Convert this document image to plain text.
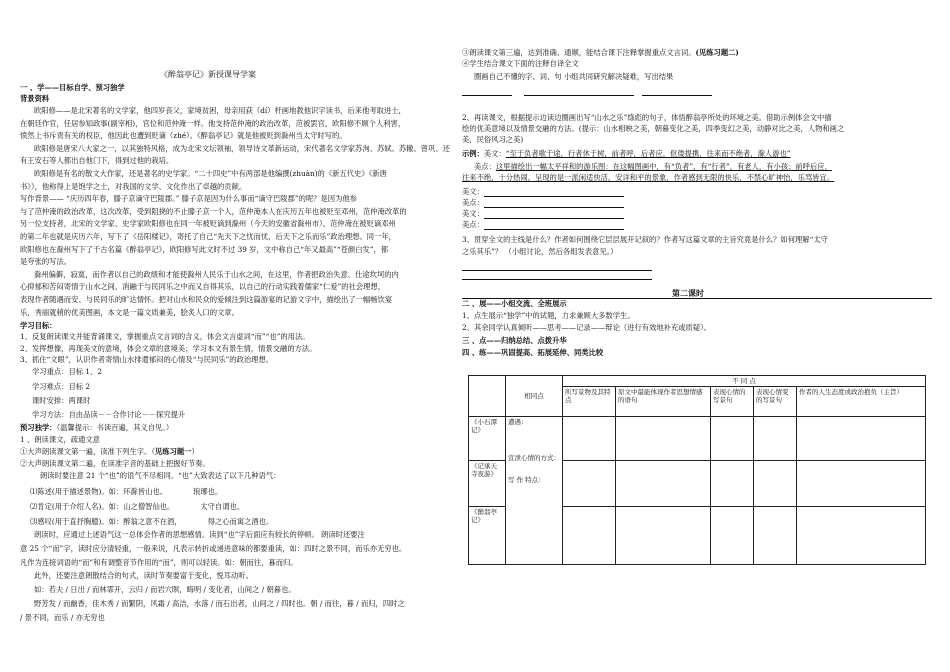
《醉翁亭记》新授课导学案
一 、学——目标自学、预习独学
背景资料
欧阳修——是北宋著名的文学家，他四岁丧父，家境贫困，母亲用荻（dí）杆画地教他识字读书，后来他考取进士，
在朝廷作官，任居参知政事(副宰相)，官位和范仲淹一样。他支持范仲淹的政治改革，范被罢官，欧阳修不顾个人利害，
愤然上书斥责有关的权臣，他因此也遭到贬谪（zhé）。《醉翁亭记》就是他被贬到滁州当太守时写的。
欧阳修是唐宋八大家之一，以其独特风格，成为北宋文坛领袖，领导诗文革新运动，宋代著名文学家苏洵、苏轼、苏辙、曾巩、还
有王安石等人都出自他门下，得到过他的栽培。
欧阳修是有名的散文大作家，还是著名的史学家。“二十四史”中有两部是他编撰(zhuàn)的《新五代史》《新唐
书》），他称得上是饱学之士，对我国的文学、文化作出了卓越的贡献。
写作背景—— “庆历四年春，滕子京谪守巴陵郡。” 滕子京是因为什么事而“谪守巴陵郡”的呢？是因为他参
与了范仲淹的政治改革，这次改革，受到阻挠的不止滕子京一个人，范仲淹本人在庆历五年也被贬至邓州，范仲淹改革的
另一位支持者，北宋的文学家、史学家欧阳修也在同一年被贬谪到滁州（今天的安徽省滁州市），范仲淹在被贬谪邓州
的第二年也就是庆历六年，写下了《岳阳楼记》，寄托了自己“先天下之忧而忧，后天下之乐而乐”政治理想。同一年，
欧阳修也在滁州写下了千古名篇《醉翁亭记》，欧阳修写此文时不过 39 岁，文中称自己“年又最高”“苍颜白发”，都
是夸张的写法。
滁州偏僻，寂寞，而作者以自己的政绩和才能使滁州人民乐于山水之间，在这里，作者把政治失意、仕途坎坷的内
心抑郁和苦闷寄情于山水之间，消融于与民同乐之中而又自得其乐，以自己的行动实践着儒家“仁爱”的社会理想，
表现作者随遇而安、与民同乐的旷达情怀。把对山水和民众的爱倾注到这篇游宴的记游文字中，描绘出了一幅畅饮宴
乐，秀丽就稍的优美图画，本文是一篇文质兼美，脍炙人口的文章。
学习目标：
1、反复朗读课文并能背诵课文，掌握重点文言词的含义，体会文言虚词“而”“也”的用法。
2、发挥想像，再现美文的意境，体会文章的意境美；学习本文有景生情，情景交融的方法。
3、抓住“文眼”，认识作者寄情山水排遣郁闷的心情及“与民同乐”的政治理想。
学习重点：目标 1、2
学习难点：目标 2
课时安排：两课时
学习方法：自由品读－－合作讨论－－探究提升
预习独学：（温馨提示：书读百遍，其义自见。）
1 、朗读课文，疏通文意
①大声朗读课文第一遍，读准下列生字。（见练习题一）
②大声朗读课文第二遍，在读准字音的基础上把握好节奏。
朗读时要注意 21 个“也”的语气不尽相同。“也”大致表达了以下几种语气：
⑴陈述(用于描述景物)。如：环滁皆山也。	琅琊也。
⑵肯定(用于介绍人名)。如：山之僧智仙也。	太守自谓也。
⑶感叹(用于直抒胸臆)。如：醉翁之意不在酒，	得之心而寓之酒也。
朗读时，应通过上述语气这一总体会作者的思想感情。读到“也”字后面应有较长的停顿。 朗读时还要注
意 25 个“而”字，读时应分清轻重，一般来说，凡表示转折或递进意味的都要重读，如：四时之景不同，而乐亦无穷也。
凡作为连接词语的“而”和有调整音节作用的“而”，则可以轻读。如：朝而往，暮而归。
此外，还要注意朗散结合的句式，读时节奏要富于变化，悦耳动听。
如：若夫 / 日出 / 而林霏开，云归 / 而岩穴暝，晦明 / 变化者，山间之 / 朝暮也。
野芳发 / 而幽香，佳木秀 / 而繁阴，风霜 / 高洁，水落 / 而石出者，山间之 / 四时也。朝 / 而往，暮 / 而归，四时之
/ 景不同，而乐 / 亦无穷也
③朗读课文第三遍，达到准确、通顺，能结合课下注释掌握重点文言词。(见练习题二)
④学生结合课文下面的注释自译全文
圈画自己不懂的字、词、句 小组共同研究解决疑难，写出结果
2、再读课文，根据提示边读边圈画出写“山水之乐”绦彪的句子，体悟醉翁亭所处的环境之美。借助示例体会文中描
绘的优美意境以及情景交融的方法。(提示：山水相映之美，朝暮变化之美，四季变幻之美，动静对比之美，人物和画之
美，民俗风习之美)
示例：美文：“至于负者歌于途，行者休于树，前者呼，后者应，伛偻提携，往来而不绝者，滁人游也”
美点：这里描绘出一幅太平祥和的游乐图：在这幅图画中，有“负者”，有“行者”，有老人，有小孩；前呼后应，
往来不绝，十分热闹。呈现的是一派闲适快活，安详和平的景象，作者感到无限的快乐，不禁心旷神怡，乐骂皆宜。
美文：
美点：
美文：
美点：
3、贯穿全文的主线是什么？作者如何围绕它层层展开记叙的？作者写这篇文章的主旨究竟是什么？如何理解“太守
之乐其乐”？ （小组讨论，然后各组发表意见。）
第二课时
二 、展——小组交流、全班展示
1、点生展示“独学”中的试题，力求兼顾大多数学生。
2、其余同学认真倾听——思考——记录——辩论（进行有效地补充或质疑）。
三 、点——归纳总结、点拨升华
四 、练——巩固提高、拓展延伸、同类比较
	相同点	不 同 点				
		所写景物及其特点	原文中最能体现作者思想情感的语句	表现心情的写景句	表现心情变的写景句	作者的人生态度或政治抱负（主旨）
《小石潭记》	遭遇：
宣泄心情的方式：
写 作 特点：					

《记承天寺夜游》						
《醉翁亭记》						
